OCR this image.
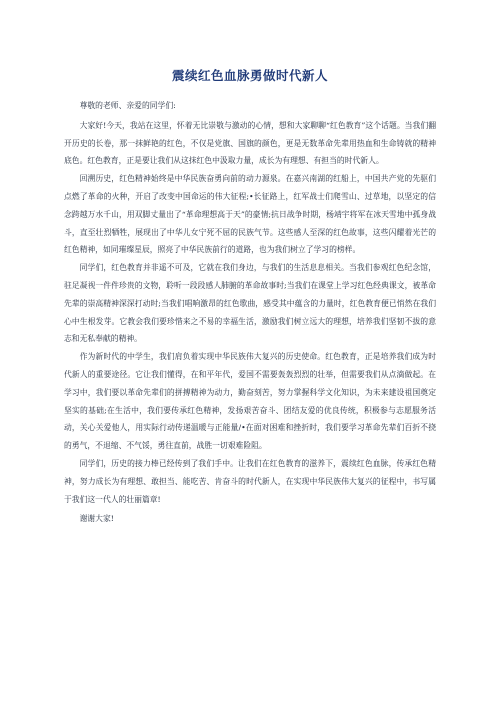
震续红色血脉勇做时代新人

尊敬的老师、亲爱的同学们:

大家好!今天，我站在这里，怀着无比崇敬与激动的心情，想和大家聊聊“红色教育”这个话题。当我们翻开历史的长卷，那一抹鲜艳的红色，不仅是党旗、国旗的颜色，更是无数革命先辈用热血和生命铸就的精神底色。红色教育，正是要让我们从这抹红色中汲取力量，成长为有理想、有担当的时代新人。

回溯历史，红色精神始终是中华民族奋勇向前的动力源泉。在嘉兴南湖的红船上，中国共产党的先驱们点燃了革命的火种，开启了改变中国命运的伟大征程;•长征路上，红军战士们爬雪山、过草地，以坚定的信念跨越万水千山，用双脚丈量出了“革命理想高于天”的豪情;抗日战争时期，杨靖宇将军在冰天雪地中孤身战斗，直至壮烈牺牲，展现出了中华儿女宁死不屈的民族气节。这些感人至深的红色故事，这些闪耀着光芒的红色精神，如同璀璨星辰，照亮了中华民族前行的道路，也为我们树立了学习的榜样。

同学们，红色教育并非遥不可及，它就在我们身边，与我们的生活息息相关。当我们参观红色纪念馆，驻足凝视一件件珍贵的文物，聆听一段段感人肺腑的革命故事时;当我们在课堂上学习红色经典课文，被革命先辈的崇高精神深深打动时;当我们唱响激昂的红色歌曲，感受其中蕴含的力量时，红色教育便已悄然在我们心中生根发芽。它教会我们要珍惜来之不易的幸福生活，激励我们树立远大的理想，培养我们坚韧不拔的意志和无私奉献的精神。

作为新时代的中学生，我们肩负着实现中华民族伟大复兴的历史使命。红色教育，正是培养我们成为时代新人的重要途径。它让我们懂得，在和平年代，爱国不需要轰轰烈烈的壮举，但需要我们从点滴做起。在学习中，我们要以革命先辈们的拼搏精神为动力，勤奋刻苦，努力掌握科学文化知识，为未来建设祖国奠定坚实的基础;在生活中，我们要传承红色精神，发扬艰苦奋斗、团结友爱的优良传统，积极参与志愿服务活动，关心关爱他人，用实际行动传递温暖与正能量/•在面对困难和挫折时，我们要学习革命先辈们百折不挠的勇气，不退缩、不气馁，勇往直前，战胜一切艰难险阻。

同学们，历史的接力棒已经传到了我们手中。让我们在红色教育的滋养下，震续红色血脉，传承红色精神，努力成长为有理想、敢担当、能吃苦、肯奋斗的时代新人，在实现中华民族伟大复兴的征程中，书写属于我们这一代人的壮丽篇章!

谢谢大家!
